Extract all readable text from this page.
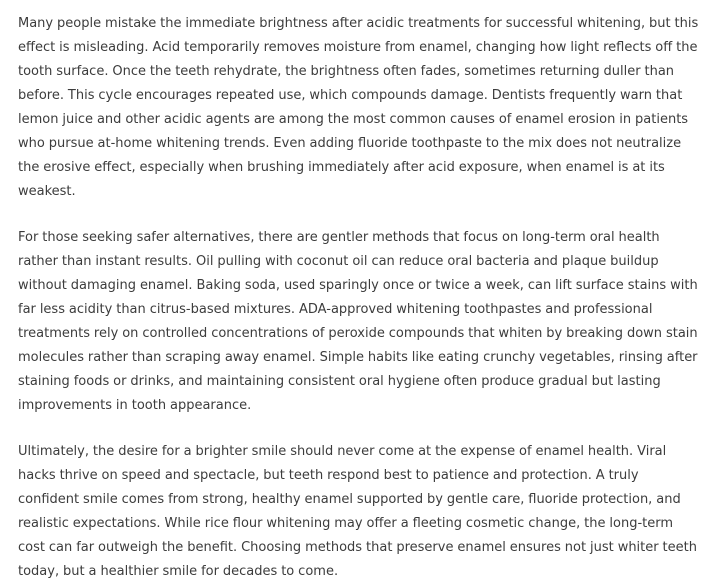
Many people mistake the immediate brightness after acidic treatments for successful whitening, but this effect is misleading. Acid temporarily removes moisture from enamel, changing how light reflects off the tooth surface. Once the teeth rehydrate, the brightness often fades, sometimes returning duller than before. This cycle encourages repeated use, which compounds damage. Dentists frequently warn that lemon juice and other acidic agents are among the most common causes of enamel erosion in patients who pursue at-home whitening trends. Even adding fluoride toothpaste to the mix does not neutralize the erosive effect, especially when brushing immediately after acid exposure, when enamel is at its weakest.

For those seeking safer alternatives, there are gentler methods that focus on long-term oral health rather than instant results. Oil pulling with coconut oil can reduce oral bacteria and plaque buildup without damaging enamel. Baking soda, used sparingly once or twice a week, can lift surface stains with far less acidity than citrus-based mixtures. ADA-approved whitening toothpastes and professional treatments rely on controlled concentrations of peroxide compounds that whiten by breaking down stain molecules rather than scraping away enamel. Simple habits like eating crunchy vegetables, rinsing after staining foods or drinks, and maintaining consistent oral hygiene often produce gradual but lasting improvements in tooth appearance.

Ultimately, the desire for a brighter smile should never come at the expense of enamel health. Viral hacks thrive on speed and spectacle, but teeth respond best to patience and protection. A truly confident smile comes from strong, healthy enamel supported by gentle care, fluoride protection, and realistic expectations. While rice flour whitening may offer a fleeting cosmetic change, the long-term cost can far outweigh the benefit. Choosing methods that preserve enamel ensures not just whiter teeth today, but a healthier smile for decades to come.
